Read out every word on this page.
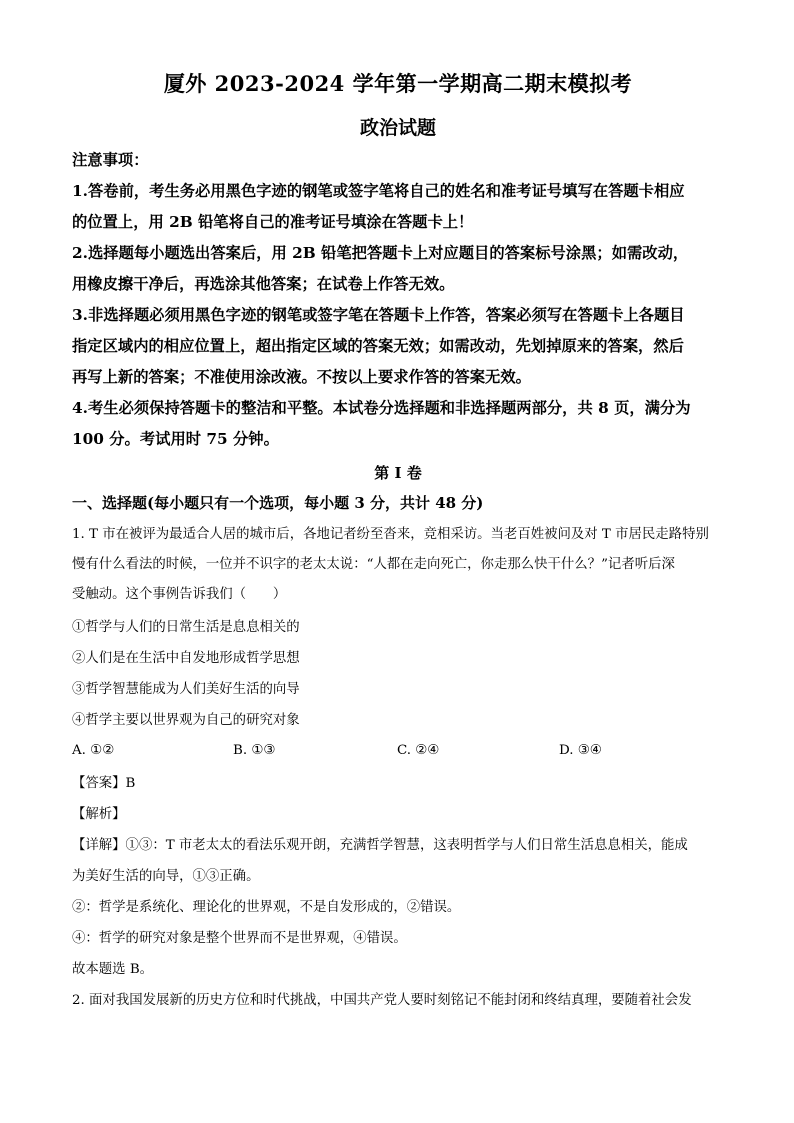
厦外 2023-2024 学年第一学期高二期末模拟考
政治试题
注意事项：
1.答卷前，考生务必用黑色字迹的钢笔或签字笔将自己的姓名和准考证号填写在答题卡相应
的位置上，用 2B 铅笔将自己的准考证号填涂在答题卡上！
2.选择题每小题选出答案后，用 2B 铅笔把答题卡上对应题目的答案标号涂黑；如需改动，
用橡皮擦干净后，再选涂其他答案；在试卷上作答无效。
3.非选择题必须用黑色字迹的钢笔或签字笔在答题卡上作答，答案必须写在答题卡上各题目
指定区域内的相应位置上，超出指定区域的答案无效；如需改动，先划掉原来的答案，然后
再写上新的答案；不准使用涂改液。不按以上要求作答的答案无效。
4.考生必须保持答题卡的整洁和平整。本试卷分选择题和非选择题两部分，共 8 页，满分为
100 分。考试用时 75 分钟。
第 I 卷
一、选择题(每小题只有一个选项，每小题 3 分，共计 48 分)
1. T 市在被评为最适合人居的城市后，各地记者纷至沓来，竞相采访。当老百姓被问及对 T 市居民走路特别
慢有什么看法的时候，一位并不识字的老太太说：“人都在走向死亡，你走那么快干什么？”记者听后深
受触动。这个事例告诉我们（　　）
①哲学与人们的日常生活是息息相关的
②人们是在生活中自发地形成哲学思想
③哲学智慧能成为人们美好生活的向导
④哲学主要以世界观为自己的研究对象
A. ①②	B. ①③	C. ②④	D. ③④
【答案】B
【解析】
【详解】①③：T 市老太太的看法乐观开朗，充满哲学智慧，这表明哲学与人们日常生活息息相关，能成
为美好生活的向导，①③正确。
②：哲学是系统化、理论化的世界观，不是自发形成的，②错误。
④：哲学的研究对象是整个世界而不是世界观，④错误。
故本题选 B。
2. 面对我国发展新的历史方位和时代挑战，中国共产党人要时刻铭记不能封闭和终结真理，要随着社会发
